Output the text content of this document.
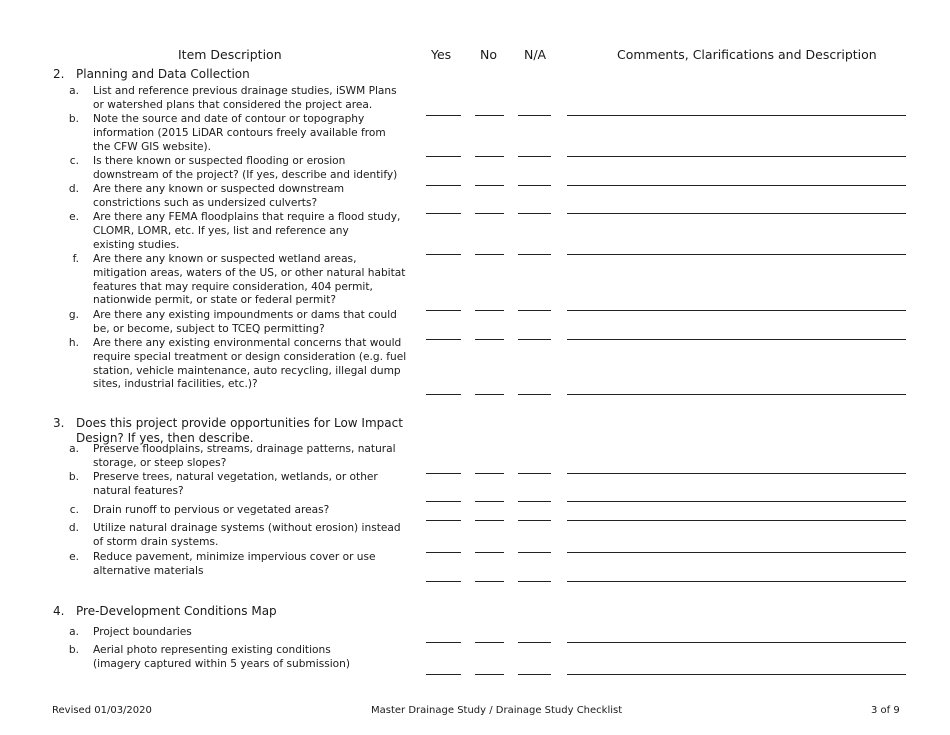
Item Description	Yes No N/A	Comments, Clarifications and Description
2. Planning and Data Collection
a. List and reference previous drainage studies, iSWM Plans
or watershed plans that considered the project area.
b. Note the source and date of contour or topography
information (2015 LiDAR contours freely available from
the CFW GIS website).
c. Is there known or suspected flooding or erosion
downstream of the project? (If yes, describe and identify)
d. Are there any known or suspected downstream
constrictions such as undersized culverts?
e. Are there any FEMA floodplains that require a flood study,
CLOMR, LOMR, etc. If yes, list and reference any
existing studies.
f. Are there any known or suspected wetland areas,
mitigation areas, waters of the US, or other natural habitat
features that may require consideration, 404 permit,
nationwide permit, or state or federal permit?
g. Are there any existing impoundments or dams that could
be, or become, subject to TCEQ permitting?
h. Are there any existing environmental concerns that would
require special treatment or design consideration (e.g. fuel
station, vehicle maintenance, auto recycling, illegal dump
sites, industrial facilities, etc.)?
3. Does this project provide opportunities for Low Impact
Design? If yes, then describe.
a. Preserve floodplains, streams, drainage patterns, natural
storage, or steep slopes?
b. Preserve trees, natural vegetation, wetlands, or other
natural features?
c. Drain runoff to pervious or vegetated areas?
d. Utilize natural drainage systems (without erosion) instead
of storm drain systems.
e. Reduce pavement, minimize impervious cover or use
alternative materials
4. Pre-Development Conditions Map
a. Project boundaries
b. Aerial photo representing existing conditions
(imagery captured within 5 years of submission)
Revised 01/03/2020	Master Drainage Study / Drainage Study Checklist	3 of 9
